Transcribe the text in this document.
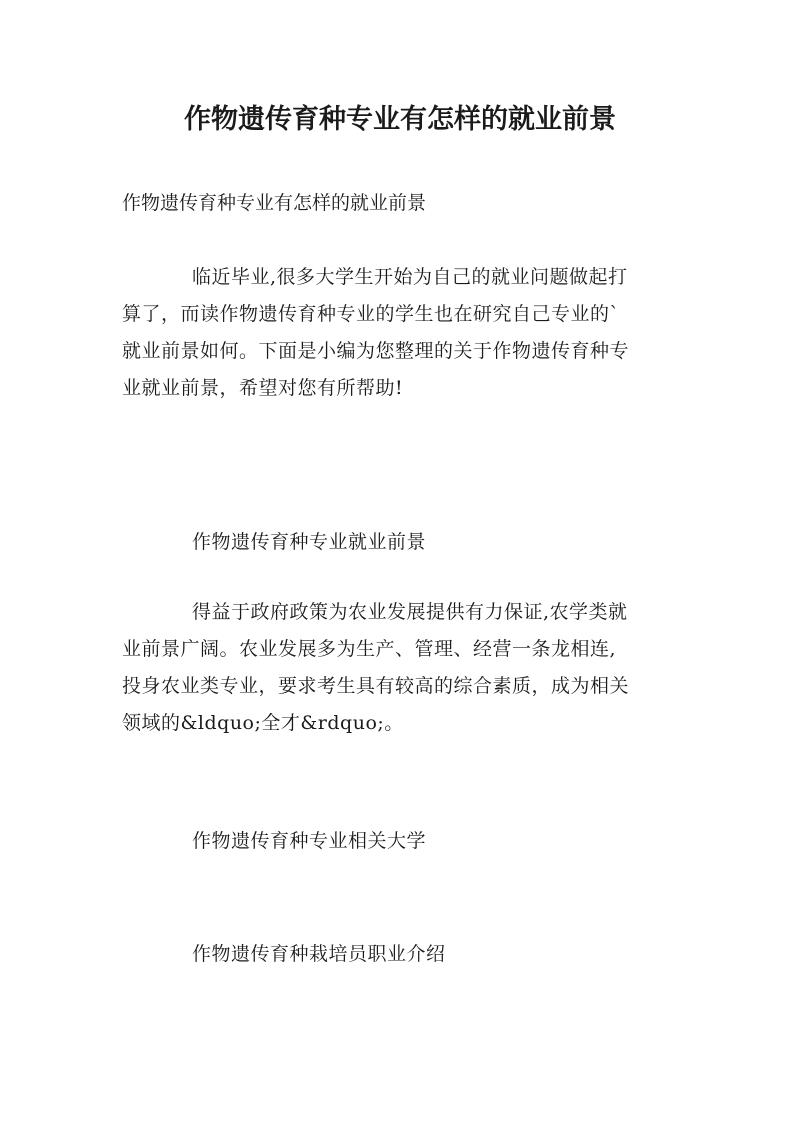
作物遗传育种专业有怎样的就业前景

作物遗传育种专业有怎样的就业前景

临近毕业,很多大学生开始为自己的就业问题做起打
算了，而读作物遗传育种专业的学生也在研究自己专业的`
就业前景如何。下面是小编为您整理的关于作物遗传育种专
业就业前景，希望对您有所帮助!

作物遗传育种专业就业前景

得益于政府政策为农业发展提供有力保证,农学类就
业前景广阔。农业发展多为生产、管理、经营一条龙相连,
投身农业类专业，要求考生具有较高的综合素质，成为相关
领域的&ldquo;全才&rdquo;。

作物遗传育种专业相关大学

作物遗传育种栽培员职业介绍
